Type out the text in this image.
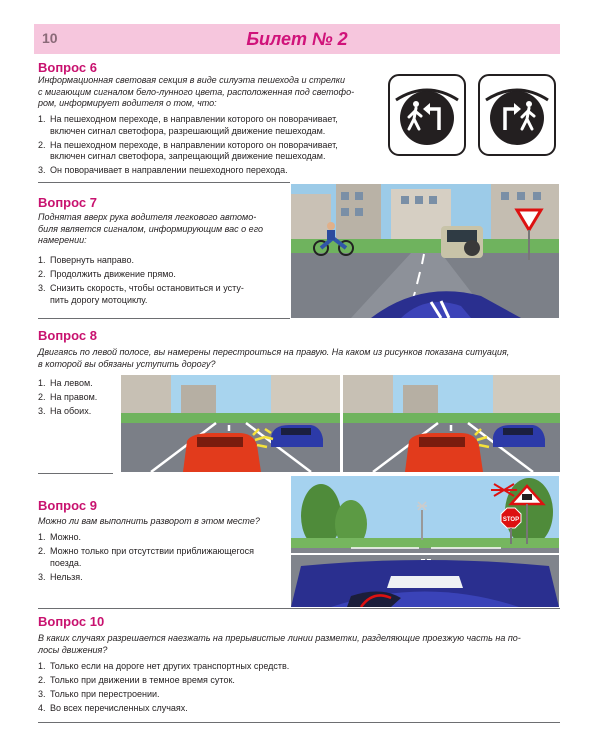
10	Билет № 2
Вопрос 6
Информационная световая секция в виде силуэта пешехода и стрелки
с мигающим сигналом бело-лунного цвета, расположенная под светофо-
ром, информирует водителя о том, что:
1. На пешеходном переходе, в направлении которого он поворачивает,
включен сигнал светофора, разрешающий движение пешеходам.
2. На пешеходном переходе, в направлении которого он поворачивает,
включен сигнал светофора, запрещающий движение пешеходам.
3. Он поворачивает в направлении пешеходного перехода.
Вопрос 7
Поднятая вверх рука водителя легкового автомо-
биля является сигналом, информирующим вас о его
намерении:
1. Повернуть направо.
2. Продолжить движение прямо.
3. Снизить скорость, чтобы остановиться и усту-
пить дорогу мотоциклу.
Вопрос 8
Двигаясь по левой полосе, вы намерены перестроиться на правую. На каком из рисунков показана ситуация,
в которой вы обязаны уступить дорогу?
1. На левом.
2. На правом.
3. На обоих.
Вопрос 9
Можно ли вам выполнить разворот в этом месте?
1. Можно.
2. Можно только при отсутствии приближающегося
поезда.
3. Нельзя.
STOP
Вопрос 10
В каких случаях разрешается наезжать на прерывистые линии разметки, разделяющие проезжую часть на по-
лосы движения?
1. Только если на дороге нет других транспортных средств.
2. Только при движении в темное время суток.
3. Только при перестроении.
4. Во всех перечисленных случаях.
